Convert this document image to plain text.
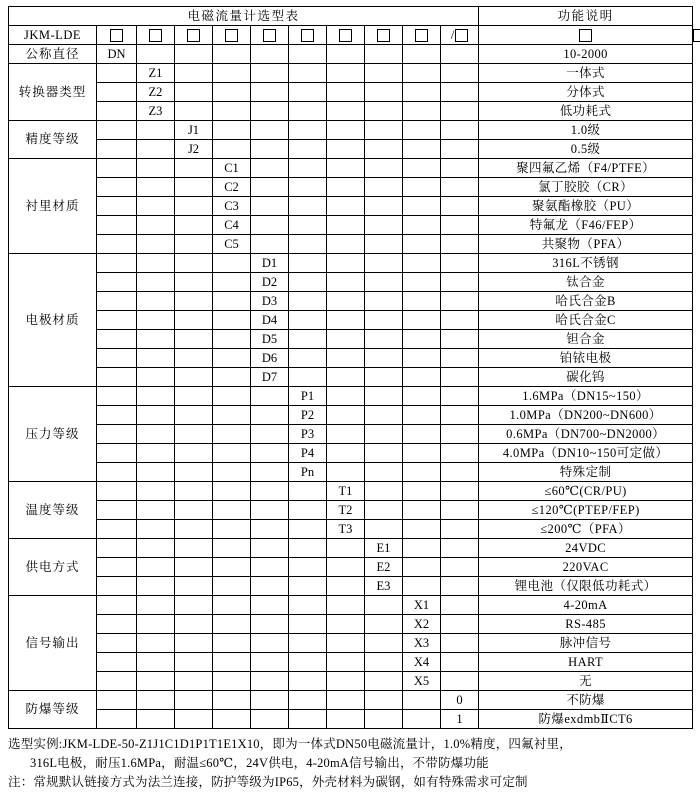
电磁流量计选型表											功能说明	
JKM-LDE										/			
公称直径	DN										10-2000	
转换器类型		Z1									一体式	
		Z2									分体式	
		Z3									低功耗式	
精度等级			J1								1.0级	
			J2								0.5级	
衬里材质				C1							聚四氟乙烯（F4/PTFE）	
				C2							氯丁胶胶（CR）	
				C3							聚氨酯橡胶（PU）	
				C4							特氟龙（F46/FEP）	
				C5							共聚物（PFA）	
电极材质					D1						316L不锈钢	
					D2						钛合金	
					D3						哈氏合金B	
					D4						哈氏合金C	
					D5						钽合金	
					D6						铂铱电极	
					D7						碳化钨	
压力等级						P1					1.6MPa（DN15~150）	
						P2					1.0MPa（DN200~DN600）	
						P3					0.6MPa（DN700~DN2000）	
						P4					4.0MPa（DN10~150可定做）	
						Pn					特殊定制	
温度等级							T1				≤60℃(CR/PU)	
							T2				≤120℃(PTEP/FEP)	
							T3				≤200℃（PFA）	
供电方式								E1			24VDC	
								E2			220VAC	
								E3			锂电池（仅限低功耗式）	
信号输出									X1		4-20mA	
									X2		RS-485	
									X3		脉冲信号	
									X4		HART	
									X5		无	
防爆等级										0	不防爆	
										1	防爆exdmbⅡCT6	
选型实例:JKM-LDE-50-Z1J1C1D1P1T1E1X10，即为一体式DN50电磁流量计，1.0%精度，四氟衬里，
316L电极，耐压1.6MPa，耐温≤60℃，24V供电，4-20mA信号输出，不带防爆功能
注：常规默认链接方式为法兰连接，防护等级为IP65，外壳材料为碳钢，如有特殊需求可定制
